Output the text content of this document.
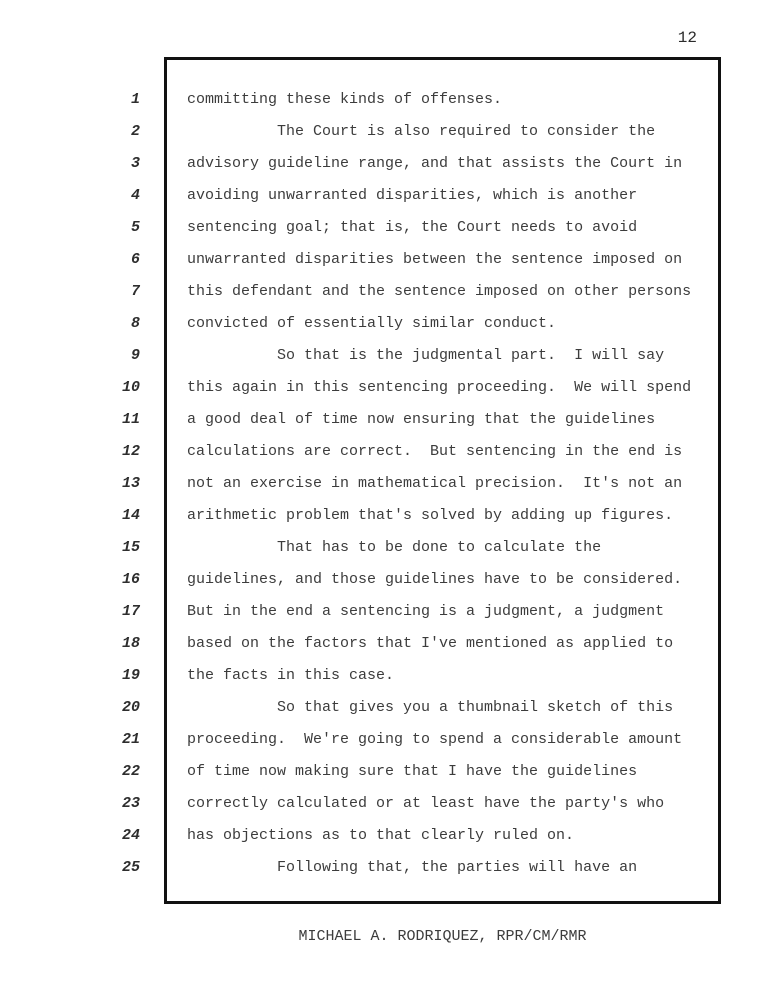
12
1
2
3
4
5
6
7
8
9
10
11
12
13
14
15
16
17
18
19
20
21
22
23
24
25
committing these kinds of offenses.
The Court is also required to consider the
advisory guideline range, and that assists the Court in
avoiding unwarranted disparities, which is another
sentencing goal; that is, the Court needs to avoid
unwarranted disparities between the sentence imposed on
this defendant and the sentence imposed on other persons
convicted of essentially similar conduct.
So that is the judgmental part.  I will say
this again in this sentencing proceeding.  We will spend
a good deal of time now ensuring that the guidelines
calculations are correct.  But sentencing in the end is
not an exercise in mathematical precision.  It's not an
arithmetic problem that's solved by adding up figures.
That has to be done to calculate the
guidelines, and those guidelines have to be considered.
But in the end a sentencing is a judgment, a judgment
based on the factors that I've mentioned as applied to
the facts in this case.
So that gives you a thumbnail sketch of this
proceeding.  We're going to spend a considerable amount
of time now making sure that I have the guidelines
correctly calculated or at least have the party's who
has objections as to that clearly ruled on.
Following that, the parties will have an
MICHAEL A. RODRIQUEZ, RPR/CM/RMR
